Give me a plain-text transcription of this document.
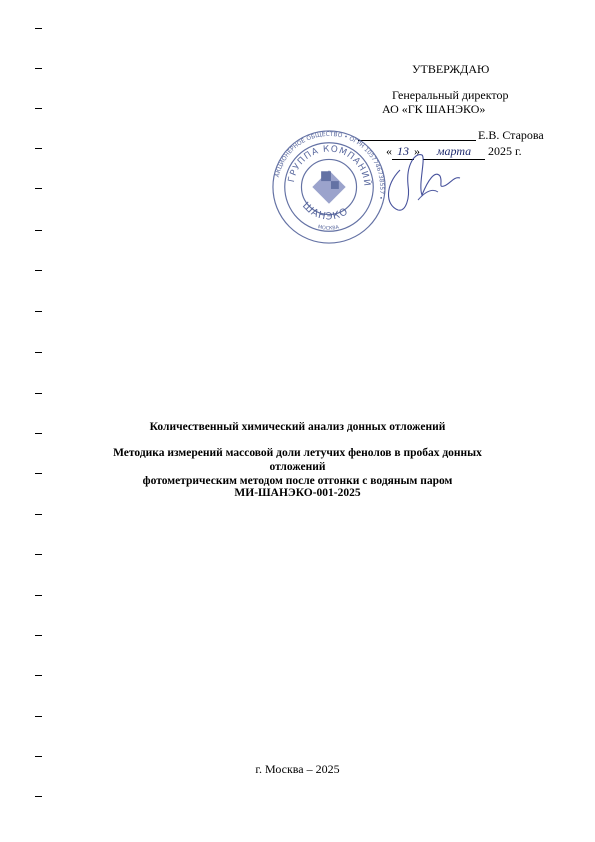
УТВЕРЖДАЮ
Генеральный директор
АО «ГК ШАНЭКО»
Е.В. Старова
« 13 » марта 2025 г.
АКЦИОНЕРНОЕ ОБЩЕСТВО • ОГРН 1057746738557 •
ГРУППА КОМПАНИЙ
ШАНЭКО
МОСКВА
Количественный химический анализ донных отложений
Методика измерений массовой доли летучих фенолов в пробах донных отложений
фотометрическим методом после отгонки с водяным паром
МИ-ШАНЭКО-001-2025
г. Москва – 2025
